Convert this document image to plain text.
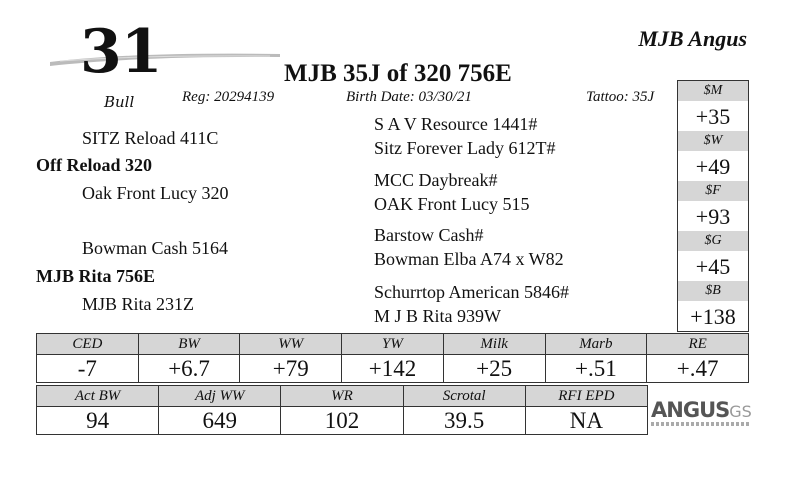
31
Bull
MJB Angus
MJB 35J of 320 756E
Reg: 20294139	Birth Date: 03/30/21	Tattoo: 35J
SITZ Reload 411C
Off Reload 320
Oak Front Lucy 320
Bowman Cash 5164
MJB Rita 756E
MJB Rita 231Z
S A V Resource 1441#
Sitz Forever Lady 612T#
MCC Daybreak#
OAK Front Lucy 515
Barstow Cash#
Bowman Elba A74 x W82
Schurrtop American 5846#
M J B Rita 939W
$M
+35
$W
+49
$F
+93
$G
+45
$B
+138
CED	BW	WW	YW	Milk	Marb	RE
-7	+6.7	+79	+142	+25	+.51	+.47
Act BW	Adj WW	WR	Scrotal	RFI EPD
94	649	102	39.5	NA ANGUSGS
